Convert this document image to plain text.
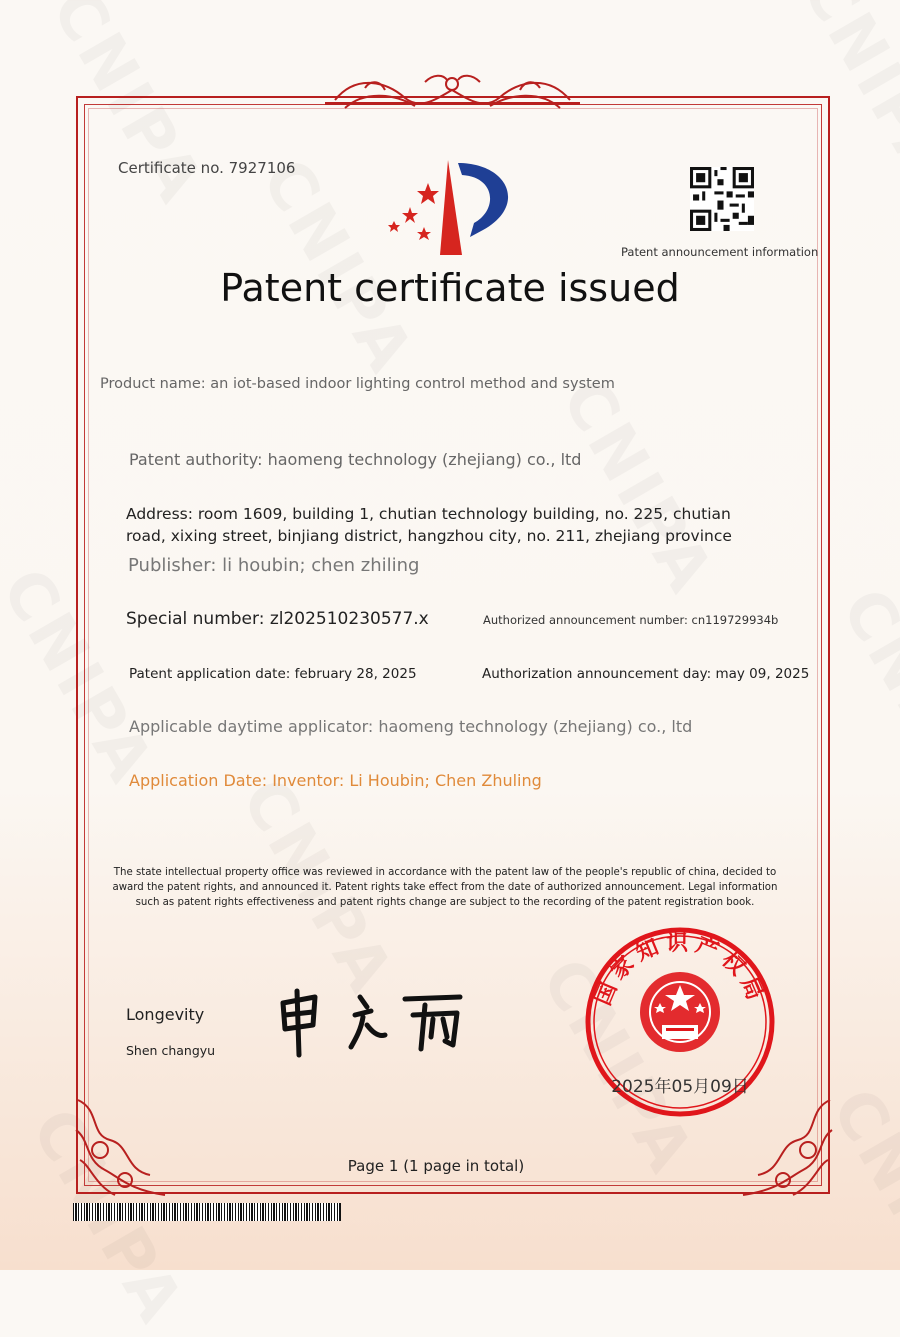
Certificate no. 7927106
Patent announcement information
Patent certificate issued
Product name: an iot-based indoor lighting control method and system
Patent authority: haomeng technology (zhejiang) co., ltd
Address: room 1609, building 1, chutian technology building, no. 225, chutian
road, xixing street, binjiang district, hangzhou city, no. 211, zhejiang province
Publisher: li houbin; chen zhiling
Special number: zl202510230577.x	Authorized announcement number: cn119729934b
Patent application date: february 28, 2025	Authorization announcement day: may 09, 2025
Applicable daytime applicator: haomeng technology (zhejiang) co., ltd
Application Date: Inventor: Li Houbin; Chen Zhuling
The state intellectual property office was reviewed in accordance with the patent law of the people's republic of china, decided to
award the patent rights, and announced it. Patent rights take effect from the date of authorized announcement. Legal information
such as patent rights effectiveness and patent rights change are subject to the recording of the patent registration book.
Longevity
Shen changyu
国家知识产权局
2025年05月09日
Page 1 (1 page in total)
